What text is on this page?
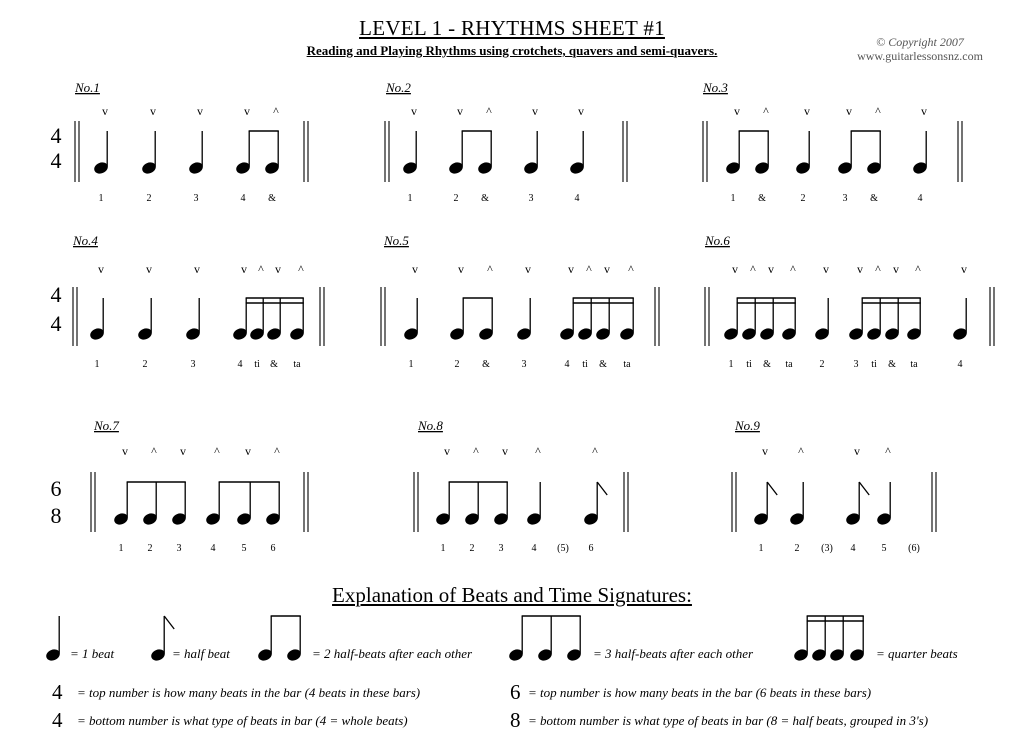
LEVEL 1 - RHYTHMS SHEET #1
Reading and Playing Rhythms using crotchets, quavers and semi-quavers.
© Copyright 2007
www.guitarlessonsnz.com
4
4
4
4
6
8
No.1
v
1
v
2
v
3
v
4
^
&
No.2
v
1
v
2
^
&
v
3
v
4
No.3
v
1
^
&
v
2
v
3
^
&
v
4
No.4
v
1
v
2
v
3
v
4
^
ti
v
&
^
ta
No.5
v
1
v
2
^
&
v
3
v
4
^
ti
v
&
^
ta
No.6
v
1
^
ti
v
&
^
ta
v
2
v
3
^
ti
v
&
^
ta
v
4
No.7
v
1
^
2
v
3
^
4
v
5
^
6
No.8
v
1
^
2
v
3
^
4 (5)
^
6
No.9
v
1
^
2 (3)
v
4
^
5 (6)
Explanation of Beats and Time Signatures:
= 1 beat	= half beat	= 2 half-beats after each other	= 3 half-beats after each other	= quarter beats
4 = top number is how many beats in the bar (4 beats in these bars)
4 = bottom number is what type of beats in bar (4 = whole beats)
6 = top number is how many beats in the bar (6 beats in these bars)
8 = bottom number is what type of beats in bar (8 = half beats, grouped in 3's)
